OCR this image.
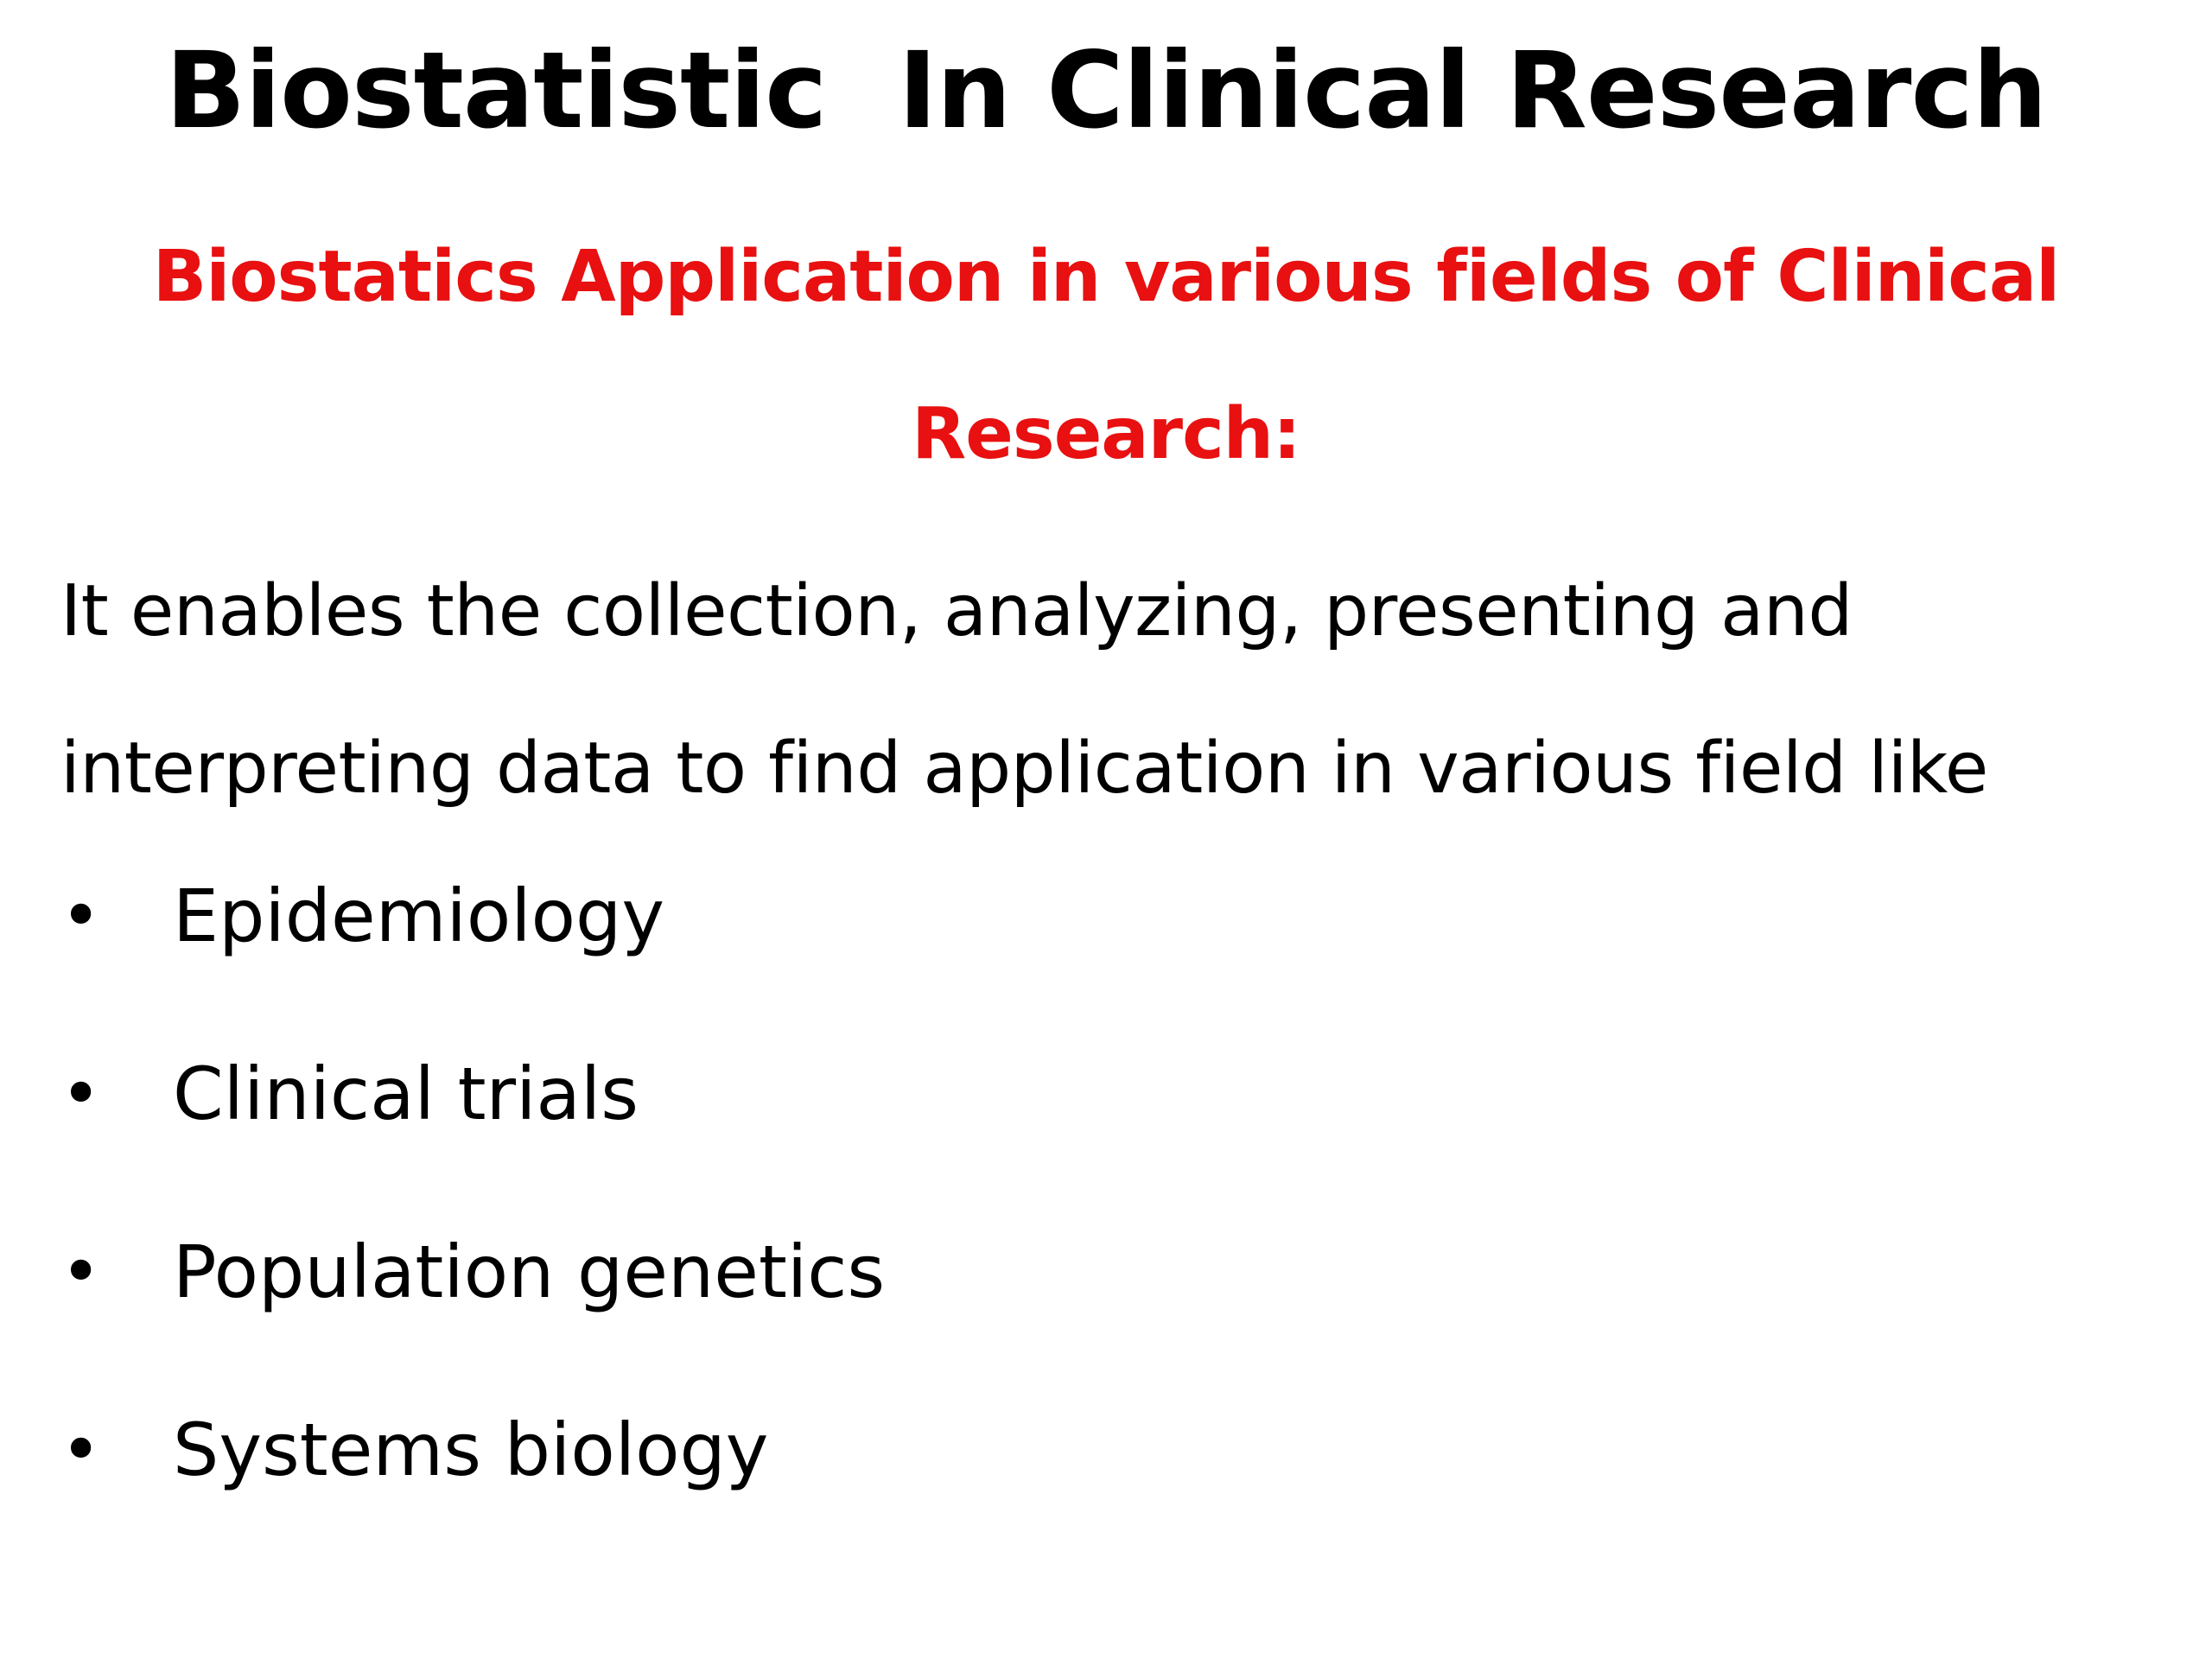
Biostatistic  In Clinical Research
Biostatics Application in various fields of Clinical
Research:
It enables the collection, analyzing, presenting and
interpreting data to find application in various field like
• Epidemiology
• Clinical trials
• Population genetics
• Systems biology
